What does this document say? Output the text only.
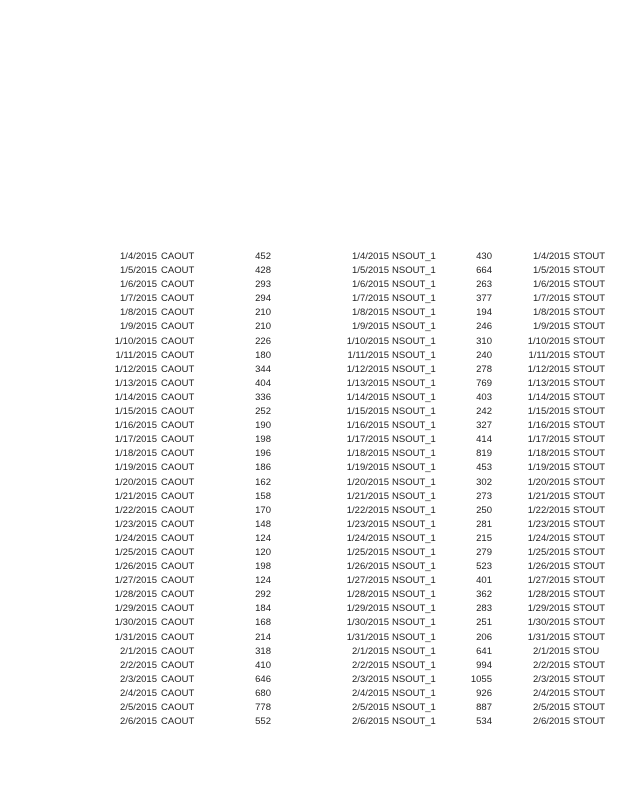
1/4/2015 CAOUT	452	1/4/2015 NSOUT_1	430	1/4/2015 STOUT
1/5/2015 CAOUT	428	1/5/2015 NSOUT_1	664	1/5/2015 STOUT
1/6/2015 CAOUT	293	1/6/2015 NSOUT_1	263	1/6/2015 STOUT
1/7/2015 CAOUT	294	1/7/2015 NSOUT_1	377	1/7/2015 STOUT
1/8/2015 CAOUT	210	1/8/2015 NSOUT_1	194	1/8/2015 STOUT
1/9/2015 CAOUT	210	1/9/2015 NSOUT_1	246	1/9/2015 STOUT
1/10/2015 CAOUT	226	1/10/2015 NSOUT_1	310	1/10/2015 STOUT
1/11/2015 CAOUT	180	1/11/2015 NSOUT_1	240	1/11/2015 STOUT
1/12/2015 CAOUT	344	1/12/2015 NSOUT_1	278	1/12/2015 STOUT
1/13/2015 CAOUT	404	1/13/2015 NSOUT_1	769	1/13/2015 STOUT
1/14/2015 CAOUT	336	1/14/2015 NSOUT_1	403	1/14/2015 STOUT
1/15/2015 CAOUT	252	1/15/2015 NSOUT_1	242	1/15/2015 STOUT
1/16/2015 CAOUT	190	1/16/2015 NSOUT_1	327	1/16/2015 STOUT
1/17/2015 CAOUT	198	1/17/2015 NSOUT_1	414	1/17/2015 STOUT
1/18/2015 CAOUT	196	1/18/2015 NSOUT_1	819	1/18/2015 STOUT
1/19/2015 CAOUT	186	1/19/2015 NSOUT_1	453	1/19/2015 STOUT
1/20/2015 CAOUT	162	1/20/2015 NSOUT_1	302	1/20/2015 STOUT
1/21/2015 CAOUT	158	1/21/2015 NSOUT_1	273	1/21/2015 STOUT
1/22/2015 CAOUT	170	1/22/2015 NSOUT_1	250	1/22/2015 STOUT
1/23/2015 CAOUT	148	1/23/2015 NSOUT_1	281	1/23/2015 STOUT
1/24/2015 CAOUT	124	1/24/2015 NSOUT_1	215	1/24/2015 STOUT
1/25/2015 CAOUT	120	1/25/2015 NSOUT_1	279	1/25/2015 STOUT
1/26/2015 CAOUT	198	1/26/2015 NSOUT_1	523	1/26/2015 STOUT
1/27/2015 CAOUT	124	1/27/2015 NSOUT_1	401	1/27/2015 STOUT
1/28/2015 CAOUT	292	1/28/2015 NSOUT_1	362	1/28/2015 STOUT
1/29/2015 CAOUT	184	1/29/2015 NSOUT_1	283	1/29/2015 STOUT
1/30/2015 CAOUT	168	1/30/2015 NSOUT_1	251	1/30/2015 STOUT
1/31/2015 CAOUT	214	1/31/2015 NSOUT_1	206	1/31/2015 STOUT
2/1/2015 CAOUT	318	2/1/2015 NSOUT_1	641	2/1/2015 STOU
2/2/2015 CAOUT	410	2/2/2015 NSOUT_1	994	2/2/2015 STOUT
2/3/2015 CAOUT	646	2/3/2015 NSOUT_1	1055	2/3/2015 STOUT
2/4/2015 CAOUT	680	2/4/2015 NSOUT_1	926	2/4/2015 STOUT
2/5/2015 CAOUT	778	2/5/2015 NSOUT_1	887	2/5/2015 STOUT
2/6/2015 CAOUT	552	2/6/2015 NSOUT_1	534	2/6/2015 STOUT
